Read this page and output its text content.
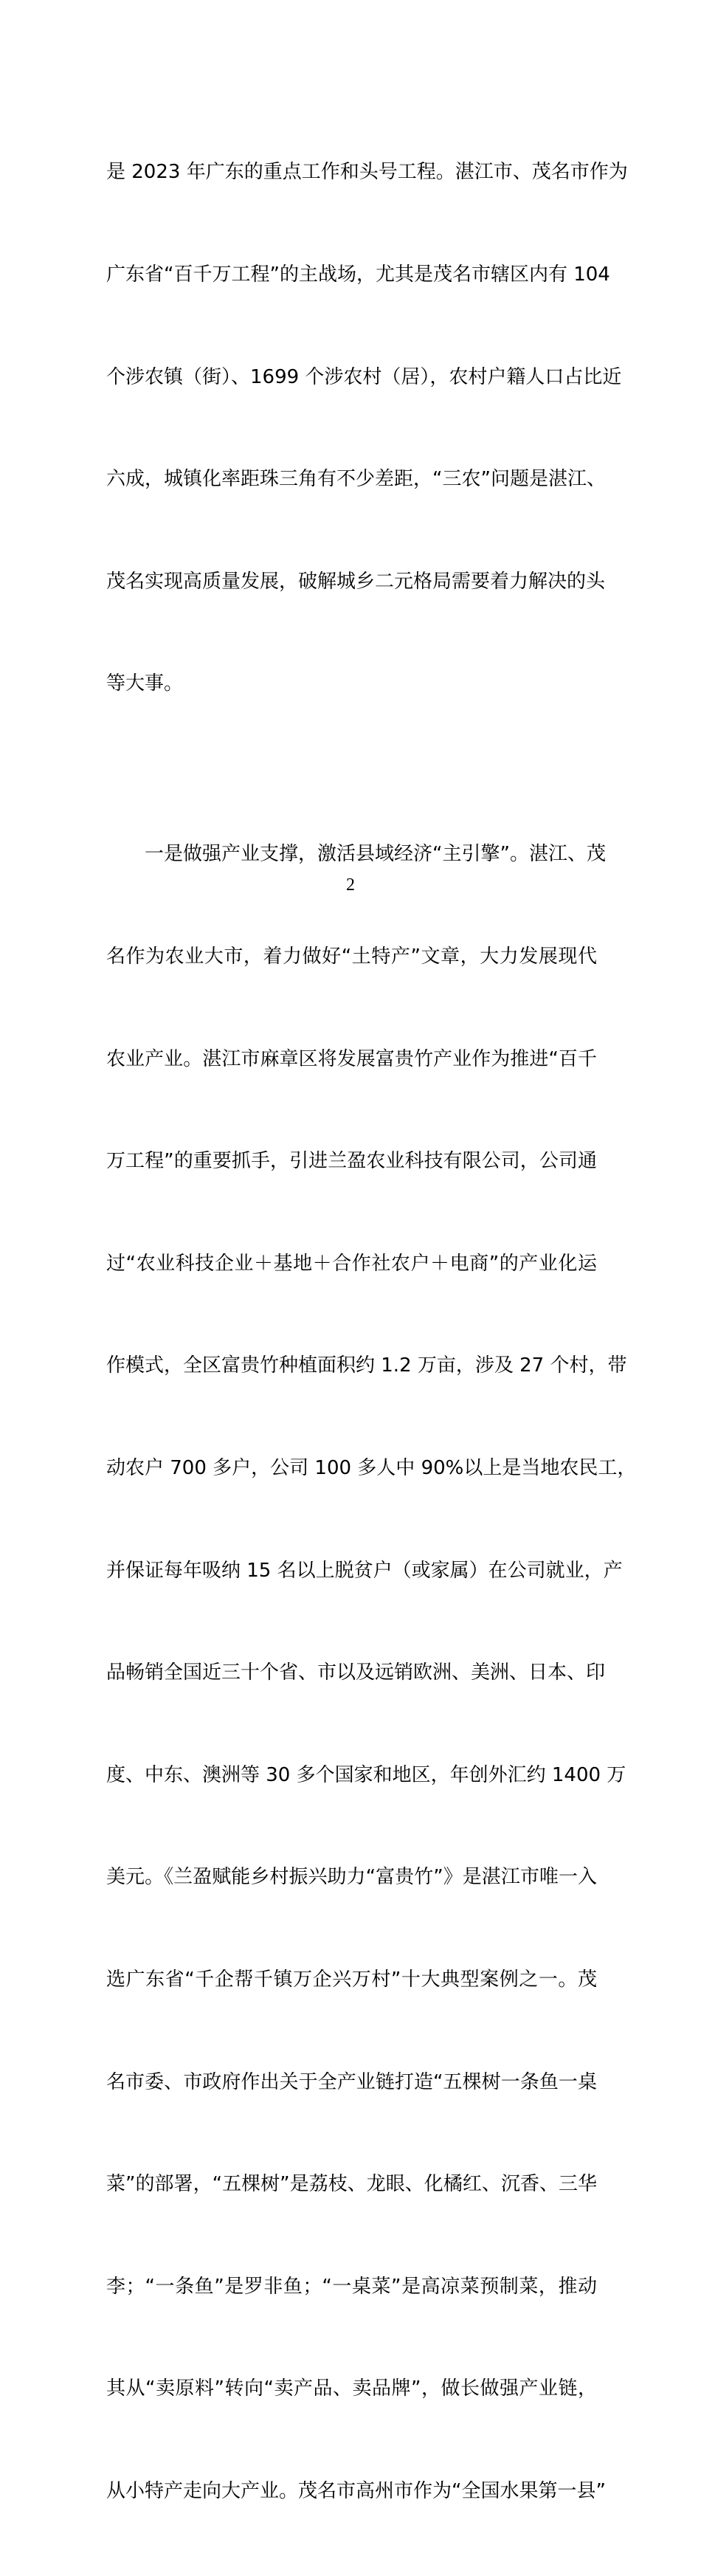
是 2023 年广东的重点工作和头号工程。湛江市、茂名市作为

广东省“百千万工程”的主战场，尤其是茂名市辖区内有 104

个涉农镇（街）、1699 个涉农村（居），农村户籍人口占比近

六成，城镇化率距珠三角有不少差距，“三农”问题是湛江、

茂名实现高质量发展，破解城乡二元格局需要着力解决的头

等大事。

　　一是做强产业支撑，激活县域经济“主引擎”。湛江、茂

名作为农业大市，着力做好“土特产”文章，大力发展现代

农业产业。湛江市麻章区将发展富贵竹产业作为推进“百千

万工程”的重要抓手，引进兰盈农业科技有限公司，公司通

过“农业科技企业＋基地＋合作社农户＋电商”的产业化运

作模式，全区富贵竹种植面积约 1.2 万亩，涉及 27 个村，带

动农户 700 多户，公司 100 多人中 90%以上是当地农民工，

并保证每年吸纳 15 名以上脱贫户（或家属）在公司就业，产

品畅销全国近三十个省、市以及远销欧洲、美洲、日本、印

度、中东、澳洲等 30 多个国家和地区，年创外汇约 1400 万

美元。《兰盈赋能乡村振兴助力“富贵竹”》是湛江市唯一入

选广东省“千企帮千镇万企兴万村”十大典型案例之一。茂

名市委、市政府作出关于全产业链打造“五棵树一条鱼一桌

菜”的部署，“五棵树”是荔枝、龙眼、化橘红、沉香、三华

李；“一条鱼”是罗非鱼；“一桌菜”是高凉菜预制菜，推动

其从“卖原料”转向“卖产品、卖品牌”，做长做强产业链，

从小特产走向大产业。茂名市高州市作为“全国水果第一县”

2
